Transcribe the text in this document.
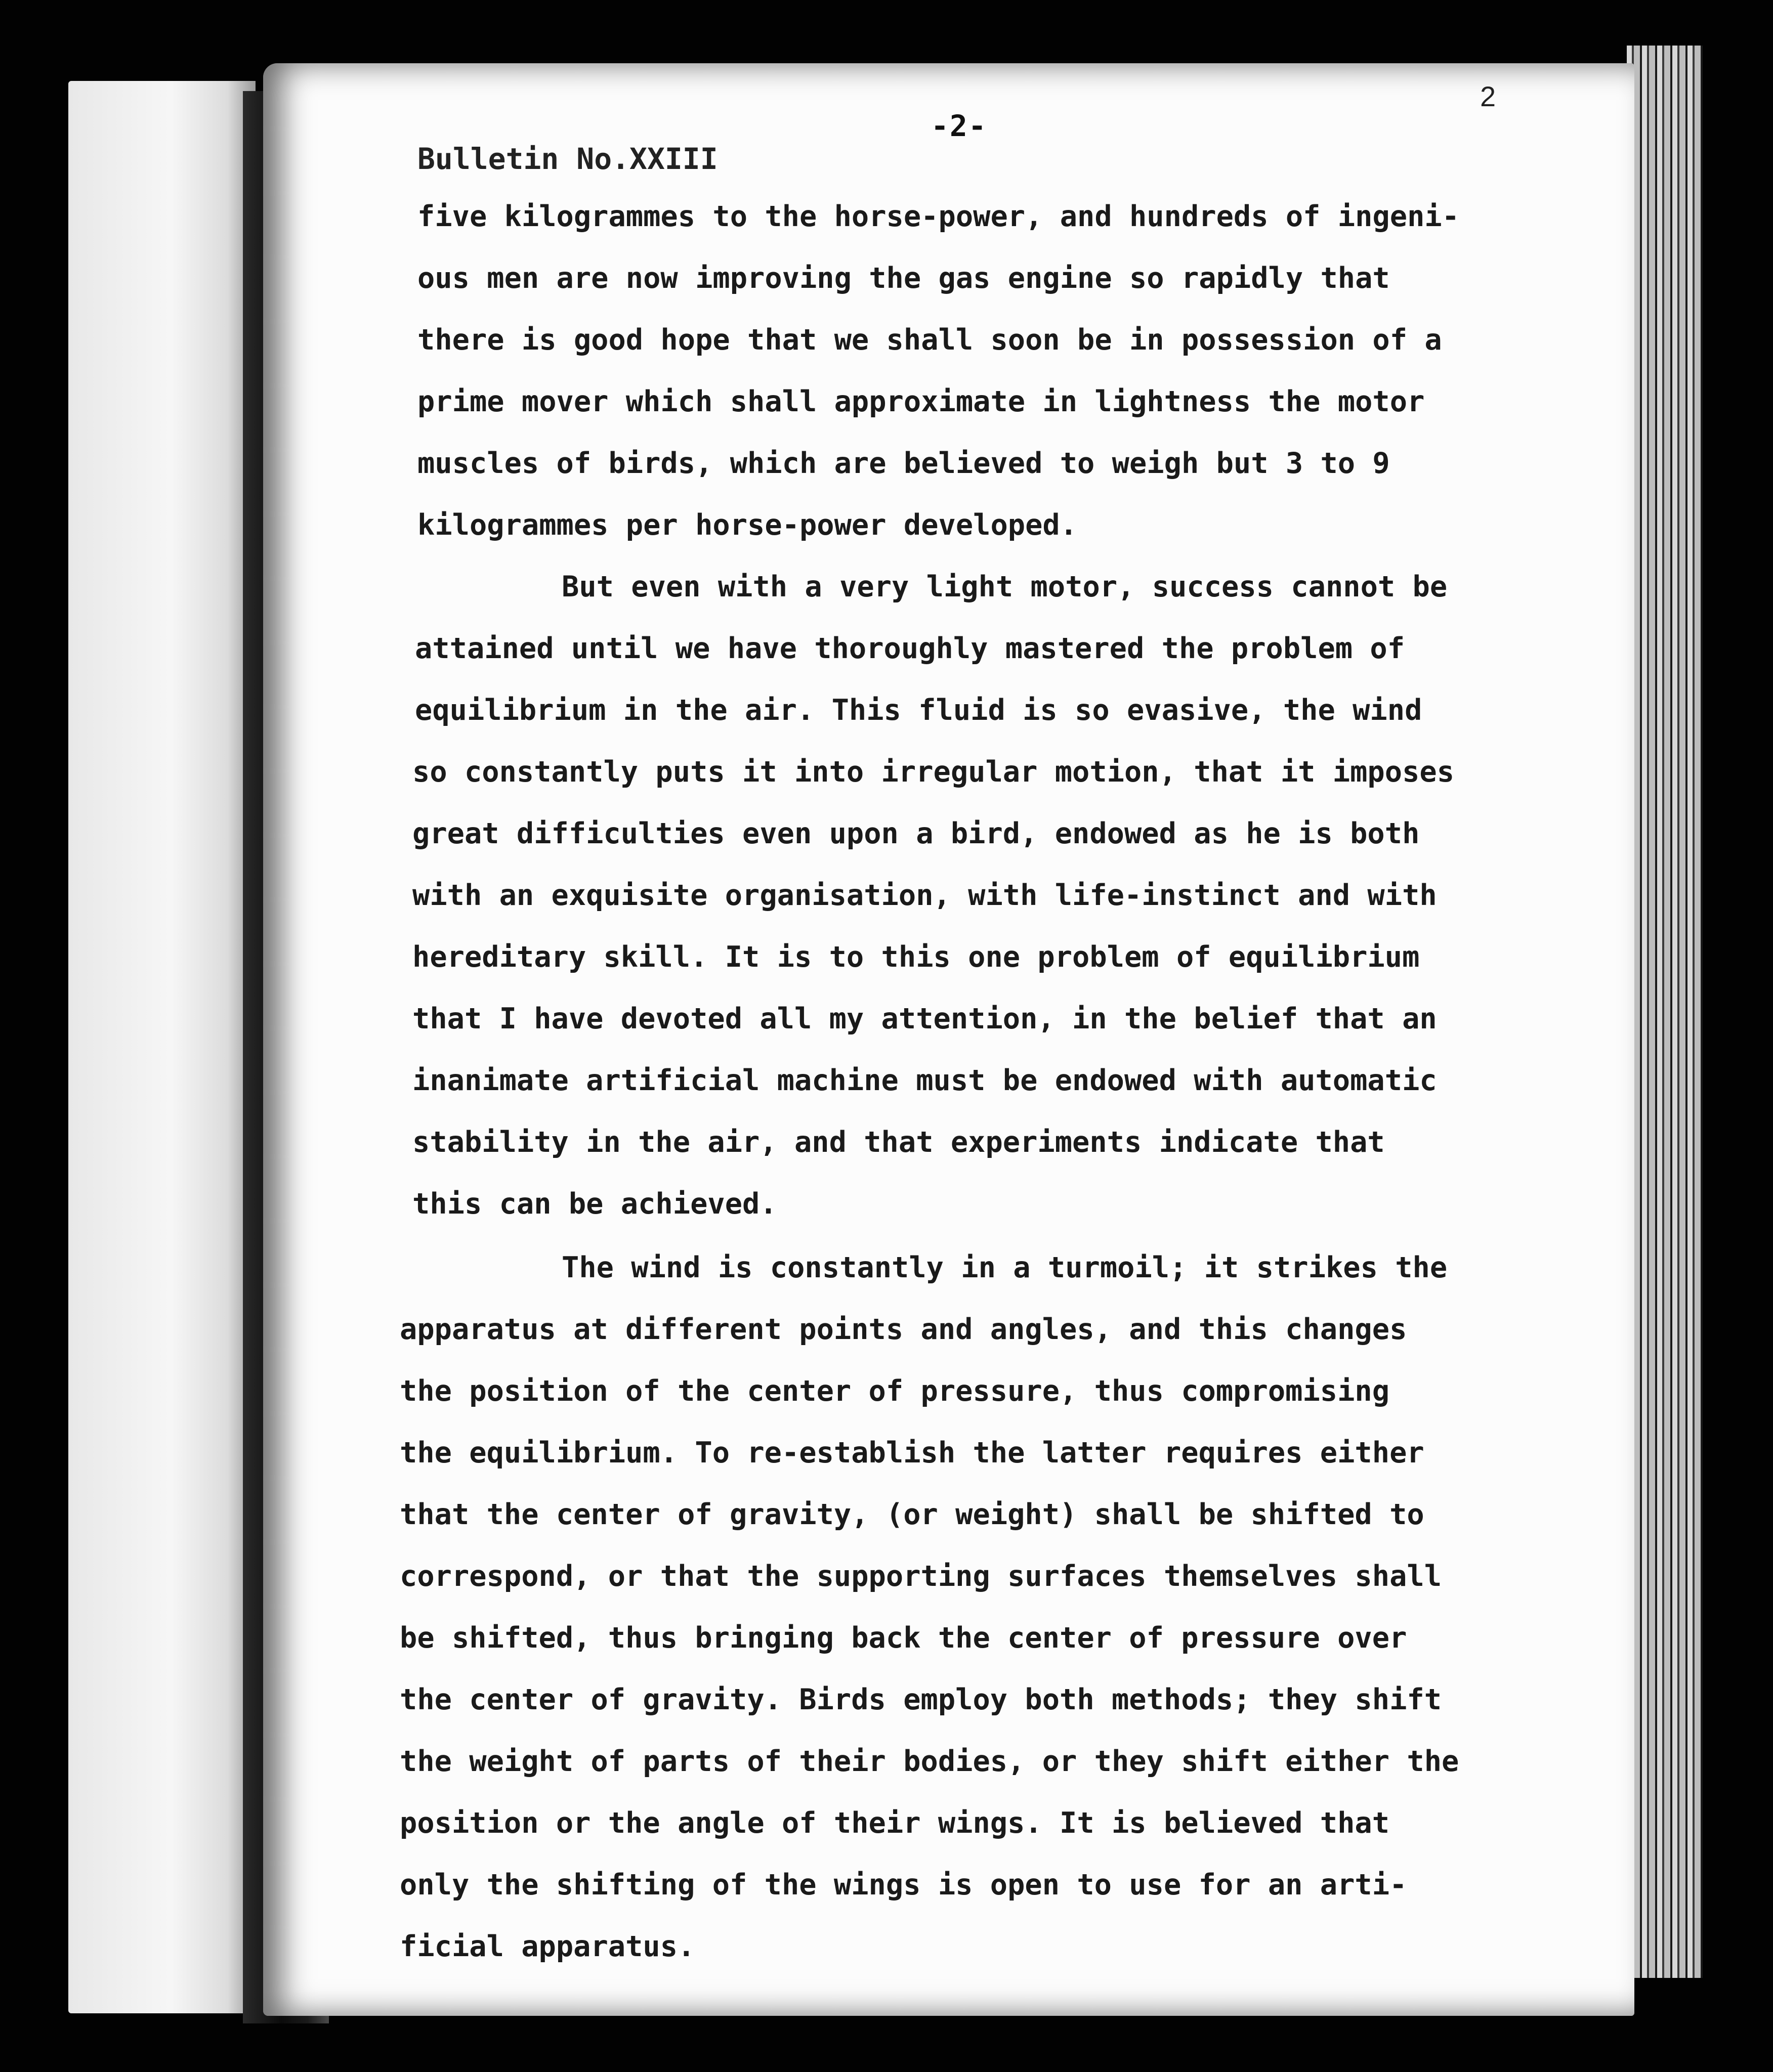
2
-2-
Bulletin No.XXIII
five kilogrammes to the horse-power, and hundreds of ingeni-
ous men are now improving the gas engine so rapidly that
there is good hope that we shall soon be in possession of a
prime mover which shall approximate in lightness the motor
muscles of birds, which are believed to weigh but 3 to 9
kilogrammes per horse-power developed.
But even with a very light motor, success cannot be
attained until we have thoroughly mastered the problem of
equilibrium in the air. This fluid is so evasive, the wind
so constantly puts it into irregular motion, that it imposes
great difficulties even upon a bird, endowed as he is both
with an exquisite organisation, with life-instinct and with
hereditary skill. It is to this one problem of equilibrium
that I have devoted all my attention, in the belief that an
inanimate artificial machine must be endowed with automatic
stability in the air, and that experiments indicate that
this can be achieved.
The wind is constantly in a turmoil; it strikes the
apparatus at different points and angles, and this changes
the position of the center of pressure, thus compromising
the equilibrium. To re-establish the latter requires either
that the center of gravity, (or weight) shall be shifted to
correspond, or that the supporting surfaces themselves shall
be shifted, thus bringing back the center of pressure over
the center of gravity. Birds employ both methods; they shift
the weight of parts of their bodies, or they shift either the
position or the angle of their wings. It is believed that
only the shifting of the wings is open to use for an arti-
ficial apparatus.
